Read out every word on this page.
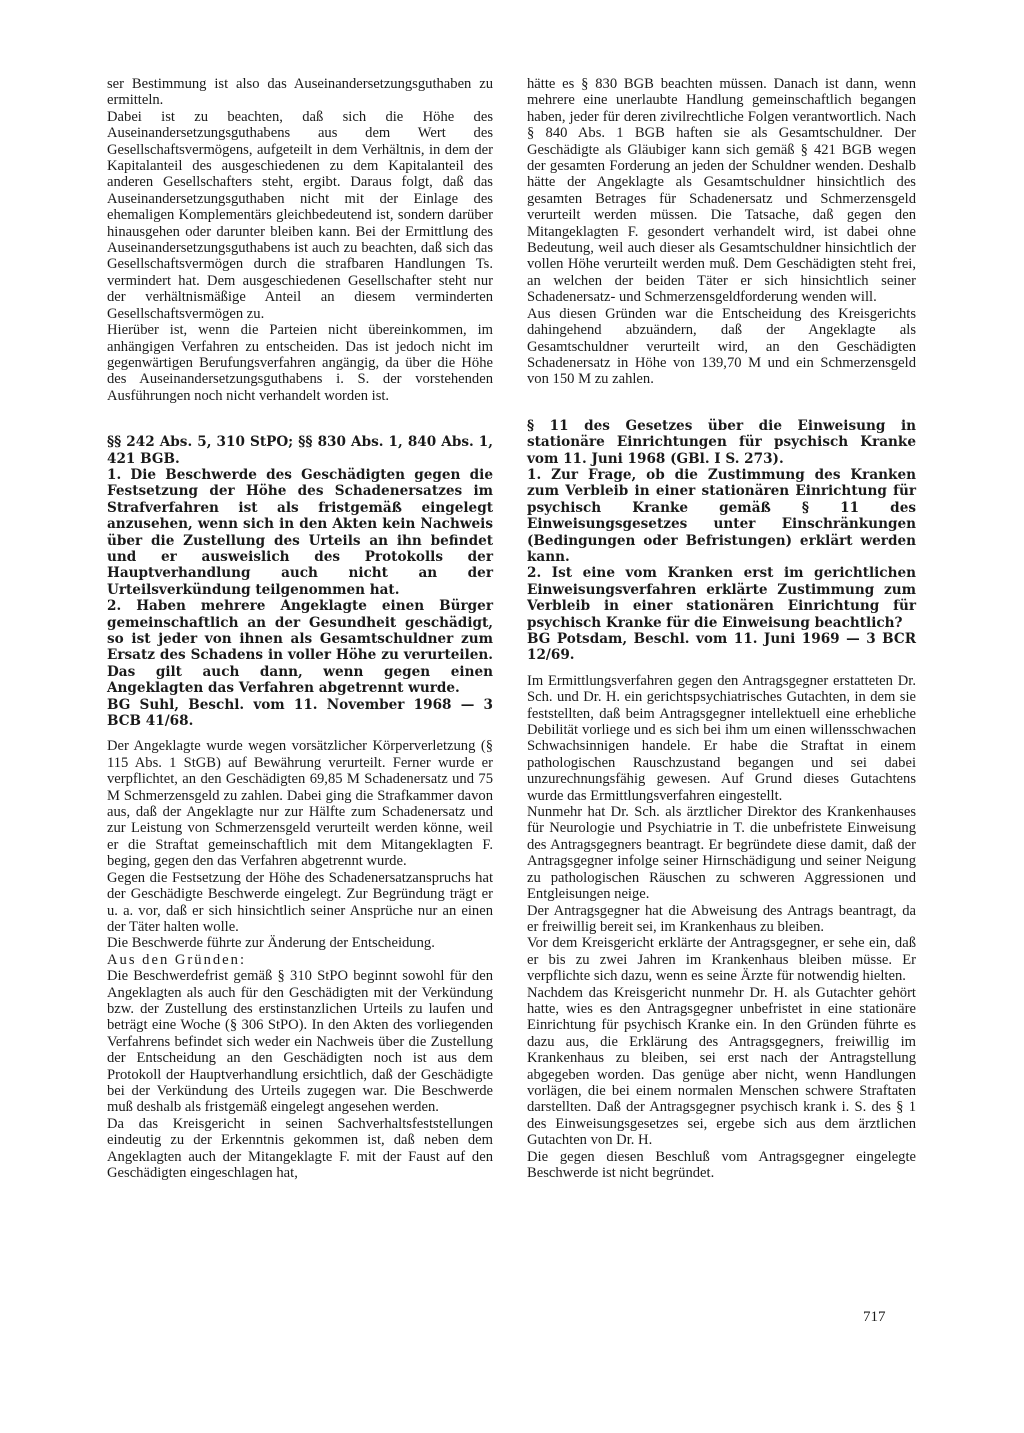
ser Bestimmung ist also das Auseinandersetzungsguthaben zu ermitteln.

Dabei ist zu beachten, daß sich die Höhe des Auseinandersetzungsguthabens aus dem Wert des Gesellschaftsvermögens, aufgeteilt in dem Verhältnis, in dem der Kapitalanteil des ausgeschiedenen zu dem Kapitalanteil des anderen Gesellschafters steht, ergibt. Daraus folgt, daß das Auseinandersetzungsguthaben nicht mit der Einlage des ehemaligen Komplementärs gleichbedeutend ist, sondern darüber hinausgehen oder darunter bleiben kann. Bei der Ermittlung des Auseinandersetzungsguthabens ist auch zu beachten, daß sich das Gesellschaftsvermögen durch die strafbaren Handlungen Ts. vermindert hat. Dem ausgeschiedenen Gesellschafter steht nur der verhältnismäßige Anteil an diesem verminderten Gesellschaftsvermögen zu.

Hierüber ist, wenn die Parteien nicht übereinkommen, im anhängigen Verfahren zu entscheiden. Das ist jedoch nicht im gegenwärtigen Berufungsverfahren angängig, da über die Höhe des Auseinandersetzungsguthabens i. S. der vorstehenden Ausführungen noch nicht verhandelt worden ist.

§§ 242 Abs. 5, 310 StPO; §§ 830 Abs. 1, 840 Abs. 1, 421 BGB.

1. Die Beschwerde des Geschädigten gegen die Festsetzung der Höhe des Schadenersatzes im Strafverfahren ist als fristgemäß eingelegt anzusehen, wenn sich in den Akten kein Nachweis über die Zustellung des Urteils an ihn befindet und er ausweislich des Protokolls der Hauptverhandlung auch nicht an der Urteilsverkündung teilgenommen hat.

2. Haben mehrere Angeklagte einen Bürger gemeinschaftlich an der Gesundheit geschädigt, so ist jeder von ihnen als Gesamtschuldner zum Ersatz des Schadens in voller Höhe zu verurteilen. Das gilt auch dann, wenn gegen einen Angeklagten das Verfahren abgetrennt wurde.

BG Suhl, Beschl. vom 11. November 1968 — 3 BCB 41/68.

Der Angeklagte wurde wegen vorsätzlicher Körperverletzung (§ 115 Abs. 1 StGB) auf Bewährung verurteilt. Ferner wurde er verpflichtet, an den Geschädigten 69,85 M Schadenersatz und 75 M Schmerzensgeld zu zahlen. Dabei ging die Strafkammer davon aus, daß der Angeklagte nur zur Hälfte zum Schadenersatz und zur Leistung von Schmerzensgeld verurteilt werden könne, weil er die Straftat gemeinschaftlich mit dem Mitangeklagten F. beging, gegen den das Verfahren abgetrennt wurde.

Gegen die Festsetzung der Höhe des Schadenersatzanspruchs hat der Geschädigte Beschwerde eingelegt. Zur Begründung trägt er u. a. vor, daß er sich hinsichtlich seiner Ansprüche nur an einen der Täter halten wolle.

Die Beschwerde führte zur Änderung der Entscheidung.

Aus den Gründen:

Die Beschwerdefrist gemäß § 310 StPO beginnt sowohl für den Angeklagten als auch für den Geschädigten mit der Verkündung bzw. der Zustellung des erstinstanzlichen Urteils zu laufen und beträgt eine Woche (§ 306 StPO). In den Akten des vorliegenden Verfahrens befindet sich weder ein Nachweis über die Zustellung der Entscheidung an den Geschädigten noch ist aus dem Protokoll der Hauptverhandlung ersichtlich, daß der Geschädigte bei der Verkündung des Urteils zugegen war. Die Beschwerde muß deshalb als fristgemäß eingelegt angesehen werden.

Da das Kreisgericht in seinen Sachverhaltsfeststellungen eindeutig zu der Erkenntnis gekommen ist, daß neben dem Angeklagten auch der Mitangeklagte F. mit der Faust auf den Geschädigten eingeschlagen hat,

hätte es § 830 BGB beachten müssen. Danach ist dann, wenn mehrere eine unerlaubte Handlung gemeinschaftlich begangen haben, jeder für deren zivilrechtliche Folgen verantwortlich. Nach § 840 Abs. 1 BGB haften sie als Gesamtschuldner. Der Geschädigte als Gläubiger kann sich gemäß § 421 BGB wegen der gesamten Forderung an jeden der Schuldner wenden. Deshalb hätte der Angeklagte als Gesamtschuldner hinsichtlich des gesamten Betrages für Schadenersatz und Schmerzensgeld verurteilt werden müssen. Die Tatsache, daß gegen den Mitangeklagten F. gesondert verhandelt wird, ist dabei ohne Bedeutung, weil auch dieser als Gesamtschuldner hinsichtlich der vollen Höhe verurteilt werden muß. Dem Geschädigten steht frei, an welchen der beiden Täter er sich hinsichtlich seiner Schadenersatz- und Schmerzensgeldforderung wenden will.

Aus diesen Gründen war die Entscheidung des Kreisgerichts dahingehend abzuändern, daß der Angeklagte als Gesamtschuldner verurteilt wird, an den Geschädigten Schadenersatz in Höhe von 139,70 M und ein Schmerzensgeld von 150 M zu zahlen.

§ 11 des Gesetzes über die Einweisung in stationäre Einrichtungen für psychisch Kranke vom 11. Juni 1968 (GBl. I S. 273).

1. Zur Frage, ob die Zustimmung des Kranken zum Verbleib in einer stationären Einrichtung für psychisch Kranke gemäß § 11 des Einweisungsgesetzes unter Einschränkungen (Bedingungen oder Befristungen) erklärt werden kann.

2. Ist eine vom Kranken erst im gerichtlichen Einweisungsverfahren erklärte Zustimmung zum Verbleib in einer stationären Einrichtung für psychisch Kranke für die Einweisung beachtlich?

BG Potsdam, Beschl. vom 11. Juni 1969 — 3 BCR 12/69.

Im Ermittlungsverfahren gegen den Antragsgegner erstatteten Dr. Sch. und Dr. H. ein gerichtspsychiatrisches Gutachten, in dem sie feststellten, daß beim Antragsgegner intellektuell eine erhebliche Debilität vorliege und es sich bei ihm um einen willensschwachen Schwachsinnigen handele. Er habe die Straftat in einem pathologischen Rauschzustand begangen und sei dabei unzurechnungsfähig gewesen. Auf Grund dieses Gutachtens wurde das Ermittlungsverfahren eingestellt.

Nunmehr hat Dr. Sch. als ärztlicher Direktor des Krankenhauses für Neurologie und Psychiatrie in T. die unbefristete Einweisung des Antragsgegners beantragt. Er begründete diese damit, daß der Antragsgegner infolge seiner Hirnschädigung und seiner Neigung zu pathologischen Räuschen zu schweren Aggressionen und Entgleisungen neige.

Der Antragsgegner hat die Abweisung des Antrags beantragt, da er freiwillig bereit sei, im Krankenhaus zu bleiben.

Vor dem Kreisgericht erklärte der Antragsgegner, er sehe ein, daß er bis zu zwei Jahren im Krankenhaus bleiben müsse. Er verpflichte sich dazu, wenn es seine Ärzte für notwendig hielten.

Nachdem das Kreisgericht nunmehr Dr. H. als Gutachter gehört hatte, wies es den Antragsgegner unbefristet in eine stationäre Einrichtung für psychisch Kranke ein. In den Gründen führte es dazu aus, die Erklärung des Antragsgegners, freiwillig im Krankenhaus zu bleiben, sei erst nach der Antragstellung abgegeben worden. Das genüge aber nicht, wenn Handlungen vorlägen, die bei einem normalen Menschen schwere Straftaten darstellten. Daß der Antragsgegner psychisch krank i. S. des § 1 des Einweisungsgesetzes sei, ergebe sich aus dem ärztlichen Gutachten von Dr. H.

Die gegen diesen Beschluß vom Antragsgegner eingelegte Beschwerde ist nicht begründet.

717
